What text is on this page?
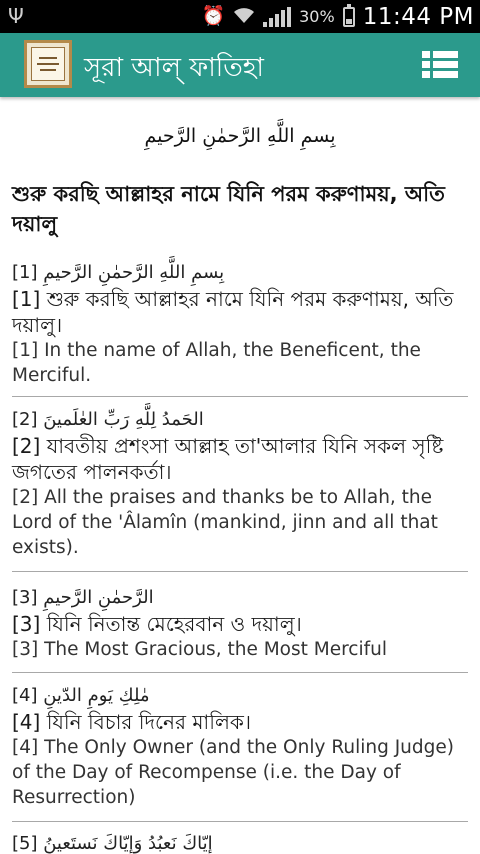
Ψ	⏰	30% 11:44 PM
সূরা আল্ ফাতিহা
بِسمِ اللَّهِ الرَّحمٰنِ الرَّحيمِ
শুরু করছি আল্লাহর নামে যিনি পরম করুণাময়, অতি দয়ালু
[1] بِسمِ اللَّهِ الرَّحمٰنِ الرَّحيمِ
[1] শুরু করছি আল্লাহর নামে যিনি পরম করুণাময়, অতি দয়ালু।
[1] In the name of Allah, the Beneficent, the Merciful.
[2] الحَمدُ لِلَّهِ رَبِّ العٰلَمينَ
[2] যাবতীয় প্রশংসা আল্লাহ তা'আলার যিনি সকল সৃষ্টি জগতের পালনকর্তা।
[2] All the praises and thanks be to Allah, the Lord of the 'Âlamîn (mankind, jinn and all that exists).
[3] الرَّحمٰنِ الرَّحيمِ
[3] যিনি নিতান্ত মেহেরবান ও দয়ালু।
[3] The Most Gracious, the Most Merciful
[4] مٰلِكِ يَومِ الدّينِ
[4] যিনি বিচার দিনের মালিক।
[4] The Only Owner (and the Only Ruling Judge) of the Day of Recompense (i.e. the Day of Resurrection)
[5] إِيّاكَ نَعبُدُ وَإِيّاكَ نَستَعينُ
